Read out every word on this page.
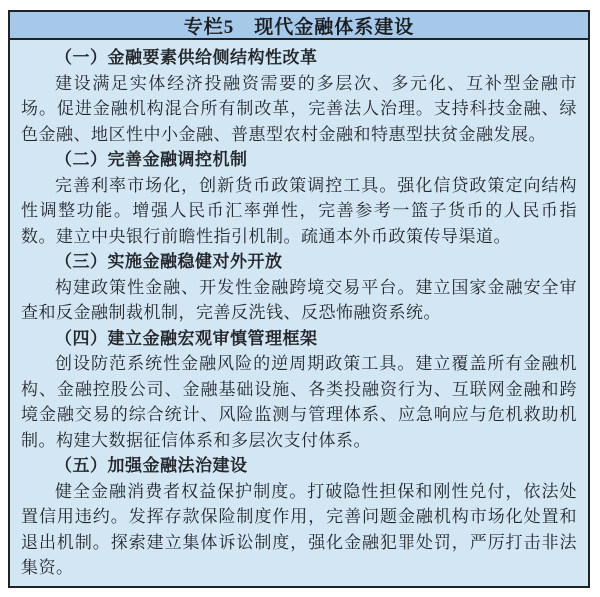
专栏5　现代金融体系建设

（一）金融要素供给侧结构性改革

建设满足实体经济投融资需要的多层次、多元化、互补型金融市场。促进金融机构混合所有制改革，完善法人治理。支持科技金融、绿色金融、地区性中小金融、普惠型农村金融和特惠型扶贫金融发展。

（二）完善金融调控机制

完善利率市场化，创新货币政策调控工具。强化信贷政策定向结构性调整功能。增强人民币汇率弹性，完善参考一篮子货币的人民币指数。建立中央银行前瞻性指引机制。疏通本外币政策传导渠道。

（三）实施金融稳健对外开放

构建政策性金融、开发性金融跨境交易平台。建立国家金融安全审查和反金融制裁机制，完善反洗钱、反恐怖融资系统。

（四）建立金融宏观审慎管理框架

创设防范系统性金融风险的逆周期政策工具。建立覆盖所有金融机构、金融控股公司、金融基础设施、各类投融资行为、互联网金融和跨境金融交易的综合统计、风险监测与管理体系、应急响应与危机救助机制。构建大数据征信体系和多层次支付体系。

（五）加强金融法治建设

健全金融消费者权益保护制度。打破隐性担保和刚性兑付，依法处置信用违约。发挥存款保险制度作用，完善问题金融机构市场化处置和退出机制。探索建立集体诉讼制度，强化金融犯罪处罚，严厉打击非法集资。
